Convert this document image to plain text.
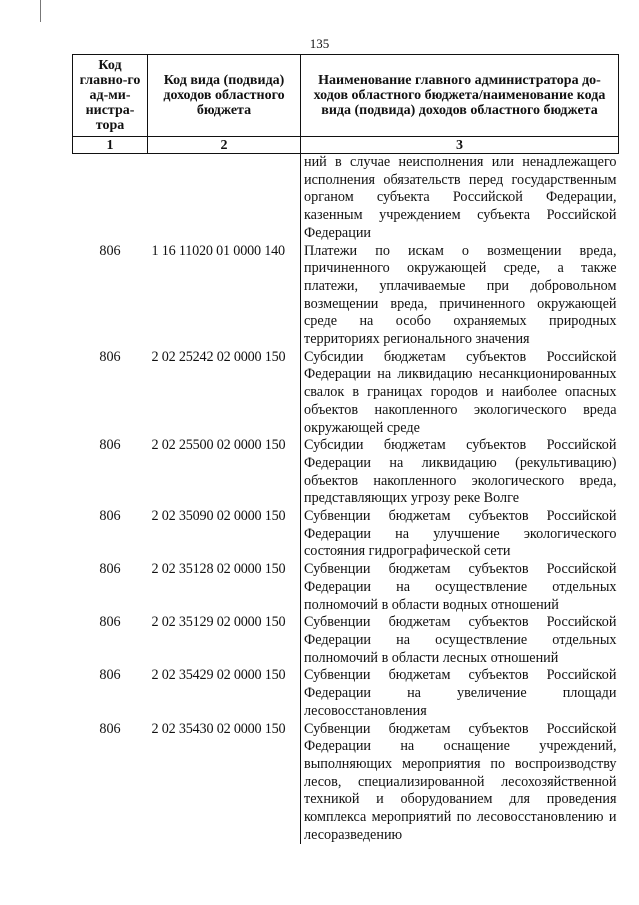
135
Код главно-го ад-ми-нистра-тора	Код вида (подвида) доходов областного бюджета	Наименование главного администратора до-ходов областного бюджета/наименование кода вида (подвида) доходов областного бюджета
1	2	3
		ний в случае неисполнения или ненадлежащего исполнения обязательств перед государственным органом субъекта Российской Федерации, казенным учреждением субъекта Российской Федерации
806	1 16 11020 01 0000 140	Платежи по искам о возмещении вреда, причиненного окружающей среде, а также платежи, уплачиваемые при добровольном возмещении вреда, причиненного окружающей среде на особо охраняемых природных территориях регионального значения
806	2 02 25242 02 0000 150	Субсидии бюджетам субъектов Российской Федерации на ликвидацию несанкционированных свалок в границах городов и наиболее опасных объектов накопленного экологического вреда окружающей среде
806	2 02 25500 02 0000 150	Субсидии бюджетам субъектов Российской Федерации на ликвидацию (рекультивацию) объектов накопленного экологического вреда, представляющих угрозу реке Волге
806	2 02 35090 02 0000 150	Субвенции бюджетам субъектов Российской Федерации на улучшение экологического состояния гидрографической сети
806	2 02 35128 02 0000 150	Субвенции бюджетам субъектов Российской Федерации на осуществление отдельных полномочий в области водных отношений
806	2 02 35129 02 0000 150	Субвенции бюджетам субъектов Российской Федерации на осуществление отдельных полномочий в области лесных отношений
806	2 02 35429 02 0000 150	Субвенции бюджетам субъектов Российской Федерации на увеличение площади лесовосстановления
806	2 02 35430 02 0000 150	Субвенции бюджетам субъектов Российской Федерации на оснащение учреждений, выполняющих мероприятия по воспроизводству лесов, специализированной лесохозяйственной техникой и оборудованием для проведения комплекса мероприятий по лесовосстановлению и лесоразведению
